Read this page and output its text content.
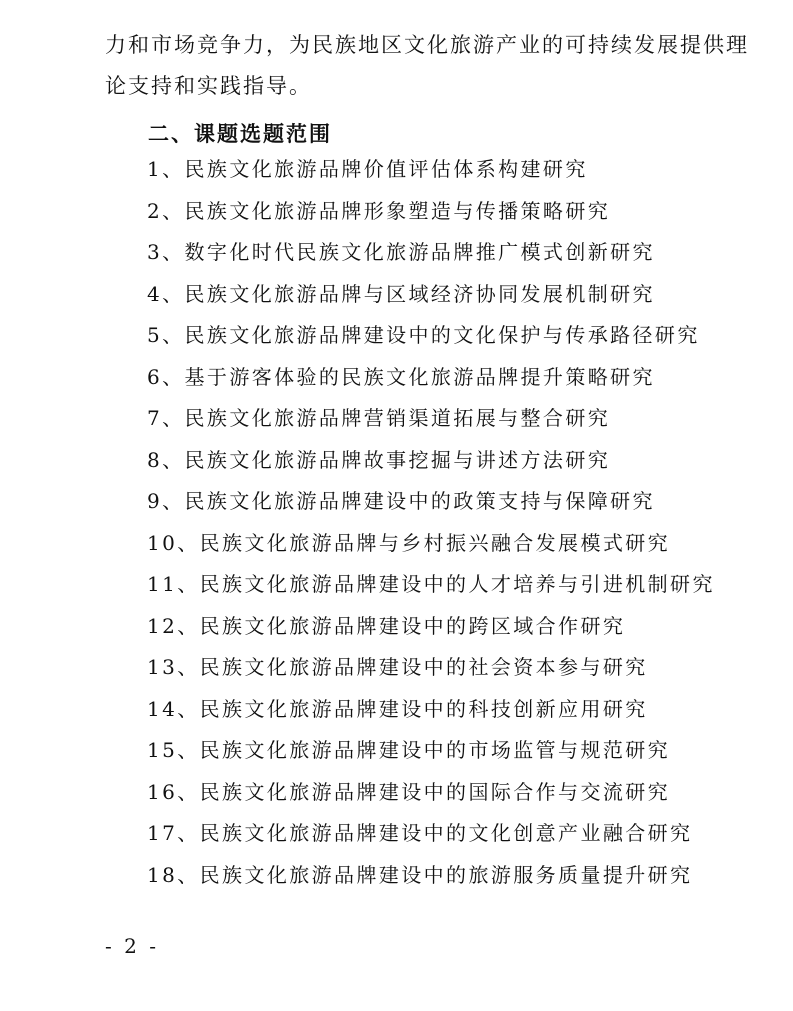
力和市场竞争力，为民族地区文化旅游产业的可持续发展提供理
论支持和实践指导。
二、课题选题范围
1、民族文化旅游品牌价值评估体系构建研究
2、民族文化旅游品牌形象塑造与传播策略研究
3、数字化时代民族文化旅游品牌推广模式创新研究
4、民族文化旅游品牌与区域经济协同发展机制研究
5、民族文化旅游品牌建设中的文化保护与传承路径研究
6、基于游客体验的民族文化旅游品牌提升策略研究
7、民族文化旅游品牌营销渠道拓展与整合研究
8、民族文化旅游品牌故事挖掘与讲述方法研究
9、民族文化旅游品牌建设中的政策支持与保障研究
10、民族文化旅游品牌与乡村振兴融合发展模式研究
11、民族文化旅游品牌建设中的人才培养与引进机制研究
12、民族文化旅游品牌建设中的跨区域合作研究
13、民族文化旅游品牌建设中的社会资本参与研究
14、民族文化旅游品牌建设中的科技创新应用研究
15、民族文化旅游品牌建设中的市场监管与规范研究
16、民族文化旅游品牌建设中的国际合作与交流研究
17、民族文化旅游品牌建设中的文化创意产业融合研究
18、民族文化旅游品牌建设中的旅游服务质量提升研究
- 2 -
